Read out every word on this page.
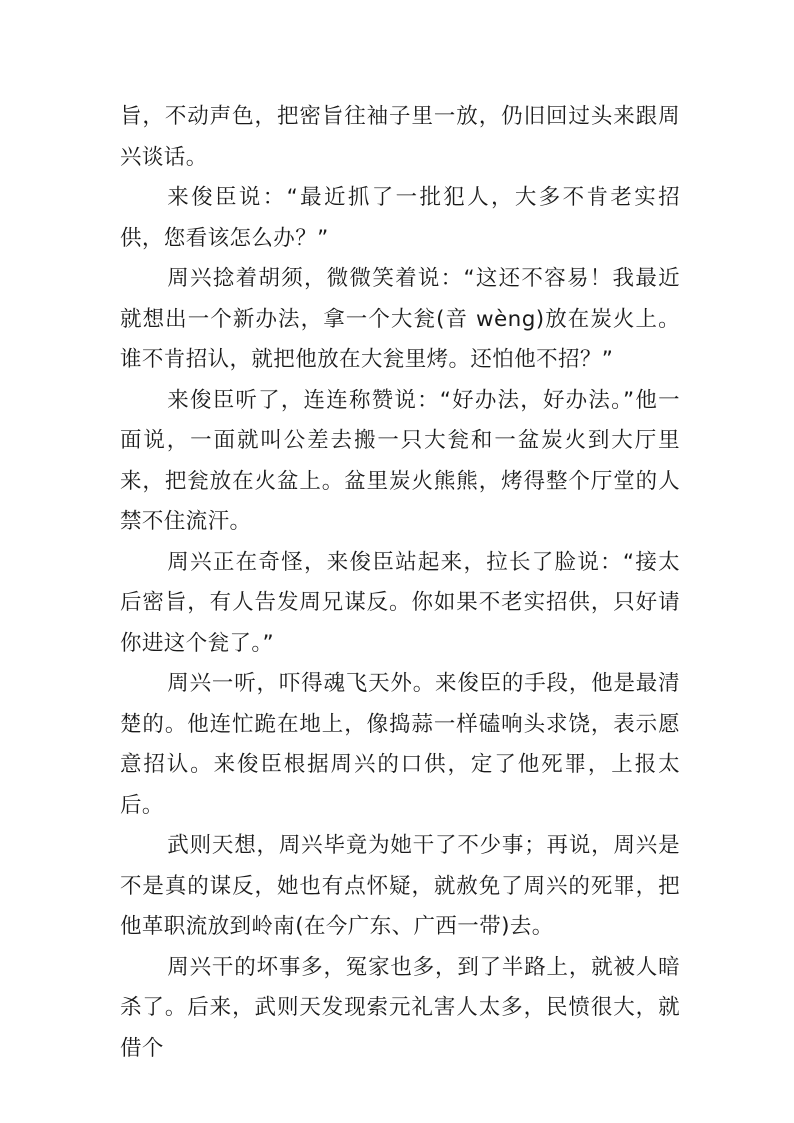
旨，不动声色，把密旨往袖子里一放，仍旧回过头来跟周兴谈话。

来俊臣说：“最近抓了一批犯人，大多不肯老实招供，您看该怎么办？”

周兴捻着胡须，微微笑着说：“这还不容易！我最近就想出一个新办法，拿一个大瓮(音 wèng)放在炭火上。谁不肯招认，就把他放在大瓮里烤。还怕他不招？”

来俊臣听了，连连称赞说：“好办法，好办法。”他一面说，一面就叫公差去搬一只大瓮和一盆炭火到大厅里来，把瓮放在火盆上。盆里炭火熊熊，烤得整个厅堂的人禁不住流汗。

周兴正在奇怪，来俊臣站起来，拉长了脸说：“接太后密旨，有人告发周兄谋反。你如果不老实招供，只好请你进这个瓮了。”

周兴一听，吓得魂飞天外。来俊臣的手段，他是最清楚的。他连忙跪在地上，像捣蒜一样磕响头求饶，表示愿意招认。来俊臣根据周兴的口供，定了他死罪，上报太后。

武则天想，周兴毕竟为她干了不少事；再说，周兴是不是真的谋反，她也有点怀疑，就赦免了周兴的死罪，把他革职流放到岭南(在今广东、广西一带)去。

周兴干的坏事多，冤家也多，到了半路上，就被人暗杀了。后来，武则天发现索元礼害人太多，民愤很大，就借个
